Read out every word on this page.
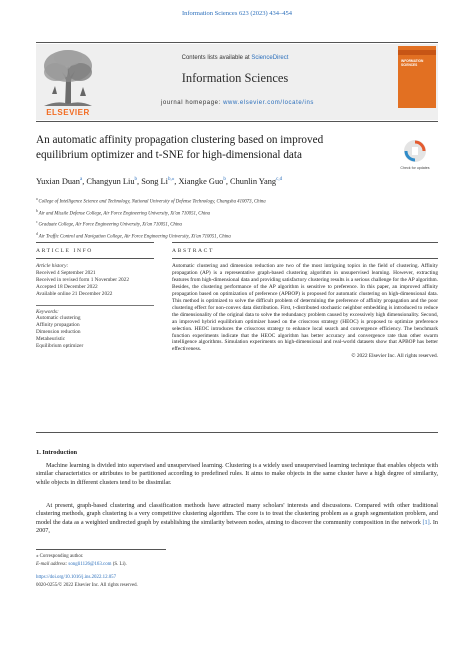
Information Sciences 623 (2023) 434–454
ELSEVIER
Contents lists available at ScienceDirect
Information Sciences
journal homepage: www.elsevier.com/locate/ins
INFORMATION SCIENCES
An automatic affinity propagation clustering based on improved equilibrium optimizer and t-SNE for high-dimensional data
Check for updates
Yuxian Duan$^a$, Changyun Liu$^b$, Song $Li^{b,⁎}$, Xiangke Guo$^b$, Chunlin Yang$^{c,d}$
$^a$ College of Intelligence Science and Technology, National University of Defense Technology, Changsha 410073, China
$^b$ Air and Missile Defense College, Air Force Engineering University, Xi'an 710051, China
$^c$ Graduate College, Air Force Engineering University, Xi'an 710051, China
$^d$ Air Traffic Control and Navigation College, Air Force Engineering University, Xi'an 710051, China
ARTICLE INFO	ABSTRACT
Article history:
Received 4 September 2021
Received in revised form 1 November 2022
Accepted 18 December 2022
Available online 21 December 2022
Keywords:
Automatic clustering
Affinity propagation
Dimension reduction
Metaheuristic
Equilibrium optimizer
Automatic clustering and dimension reduction are two of the most intriguing topics in the field of clustering. Affinity propagation (AP) is a representative graph-based clustering algorithm in unsupervised learning. However, extracting features from high-dimensional data and providing satisfactory clustering results is a serious challenge for the AP algorithm. Besides, the clustering performance of the AP algorithm is sensitive to preference. In this paper, an improved affinity propagation based on optimization of preference (APBOP) is proposed for automatic clustering on high-dimensional data. This method is optimized to solve the difficult problem of determining the preference of affinity propagation and the poor clustering effect for non-convex data distribution. First, t-distributed stochastic neighbor embedding is introduced to reduce the dimensionality of the original data to solve the redundancy problem caused by excessively high dimensionality. Second, an improved hybrid equilibrium optimizer based on the crisscross strategy (HEOC) is proposed to optimize preference selection. HEOC introduces the crisscross strategy to enhance local search and convergence efficiency. The benchmark function experiments indicate that the HEOC algorithm has better accuracy and convergence rate than other swarm intelligence algorithms. Simulation experiments on high-dimensional and real-world datasets show that APBOP has better effectiveness.
© 2022 Elsevier Inc. All rights reserved.
1. Introduction
Machine learning is divided into supervised and unsupervised learning. Clustering is a widely used unsupervised learning technique that enables objects with similar characteristics or attributes to be partitioned according to predefined rules. It aims to make objects in the same cluster have a high degree of similarity, while objects in different clusters tend to be dissimilar.
At present, graph-based clustering and classification methods have attracted many scholars' interests and discussions. Compared with other traditional clustering methods, graph clustering is a very competitive clustering algorithm. The core is to treat the clustering problem as a graph segmentation problem, and model the data as a weighted undirected graph by establishing the similarity between nodes, aiming to discover the community composition in the network [1]. In 2007,
⁎ Corresponding author.
E-mail address: songli1126@163.com (S. Li).
https://doi.org/10.1016/j.ins.2022.12.057
0020-0255/© 2022 Elsevier Inc. All rights reserved.
